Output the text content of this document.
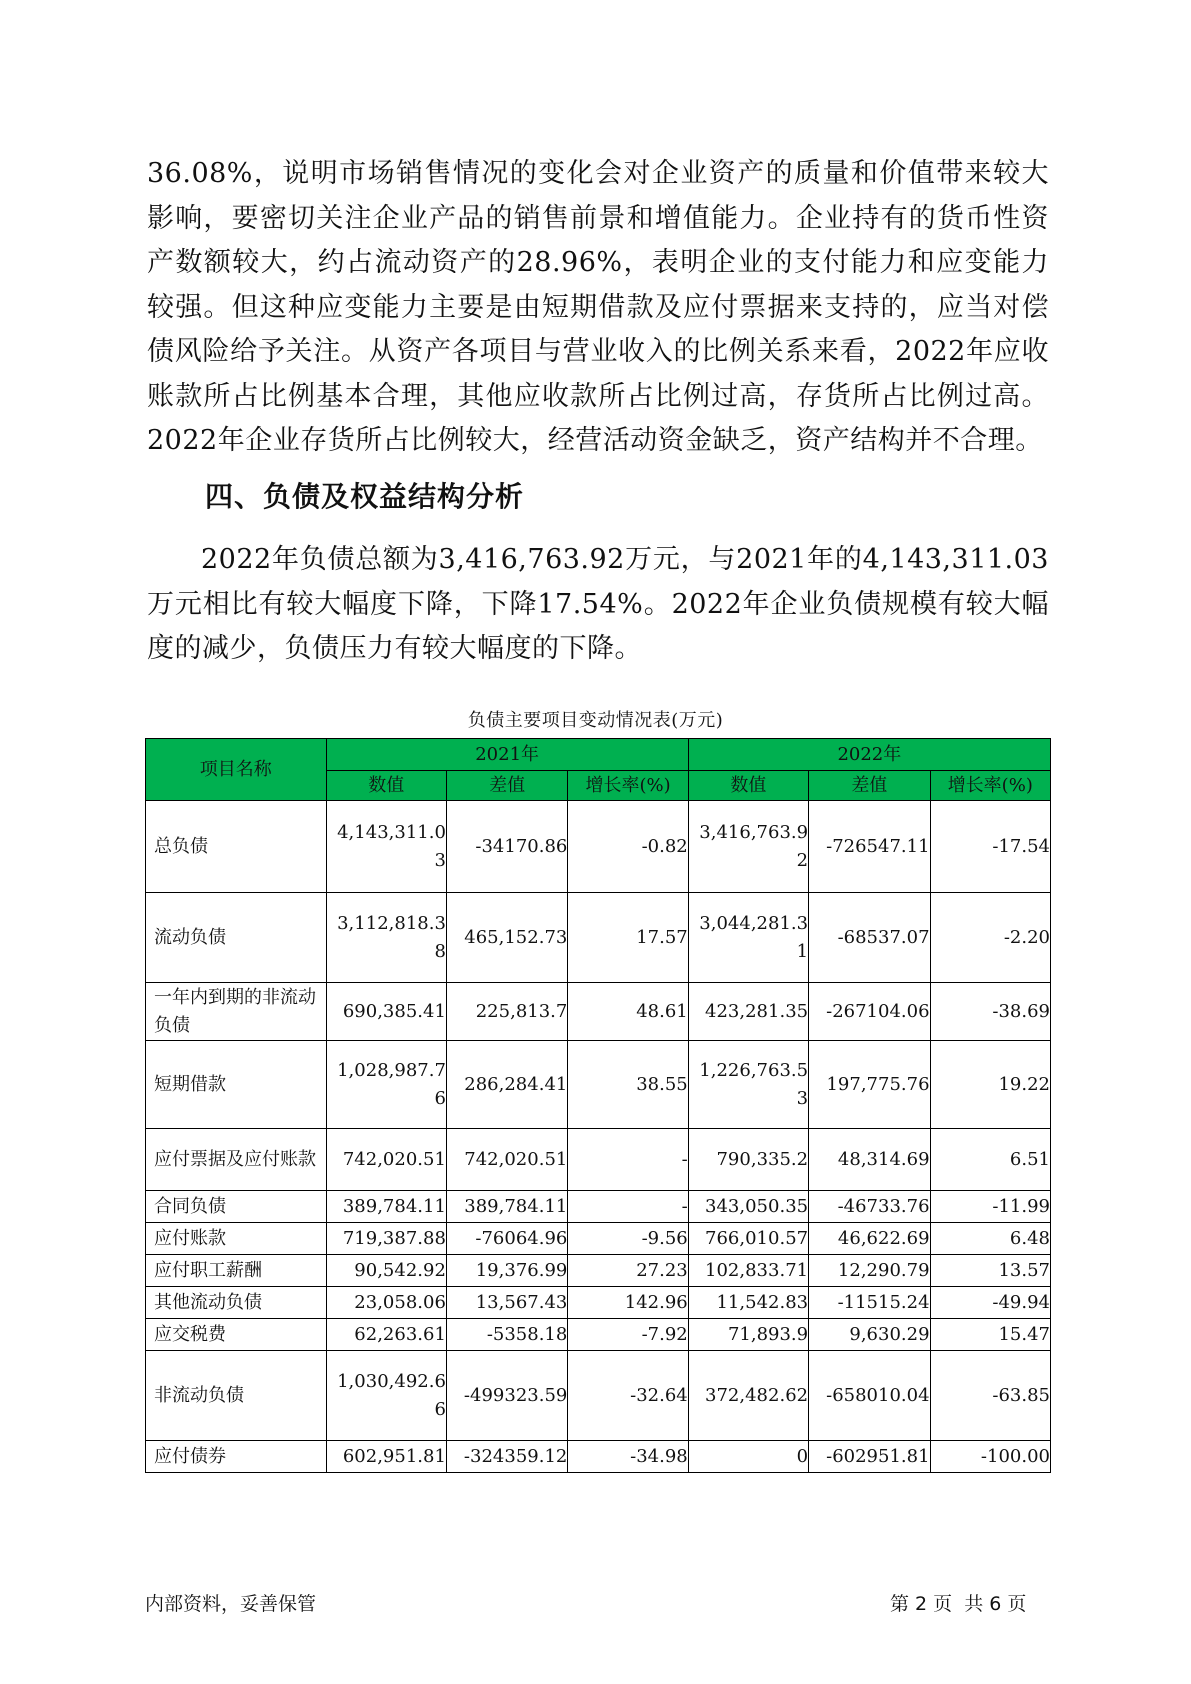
36.08%，说明市场销售情况的变化会对企业资产的质量和价值带来较大影响，要密切关注企业产品的销售前景和增值能力。企业持有的货币性资产数额较大，约占流动资产的28.96%，表明企业的支付能力和应变能力较强。但这种应变能力主要是由短期借款及应付票据来支持的，应当对偿债风险给予关注。从资产各项目与营业收入的比例关系来看，2022年应收账款所占比例基本合理，其他应收款所占比例过高，存货所占比例过高。2022年企业存货所占比例较大，经营活动资金缺乏，资产结构并不合理。

四、负债及权益结构分析

2022年负债总额为3,416,763.92万元，与2021年的4,143,311.03万元相比有较大幅度下降，下降17.54%。2022年企业负债规模有较大幅度的减少，负债压力有较大幅度的下降。

负债主要项目变动情况表(万元)
项目名称	2021年			2022年		
	数值	差值	增长率(%)	数值	差值	增长率(%)
总负债	4,143,311.03	-34170.86	-0.82	3,416,763.92	-726547.11	-17.54
流动负债	3,112,818.38	465,152.73	17.57	3,044,281.31	-68537.07	-2.20
一年内到期的非流动负债	690,385.41	225,813.7	48.61	423,281.35	-267104.06	-38.69
短期借款	1,028,987.76	286,284.41	38.55	1,226,763.53	197,775.76	19.22
应付票据及应付账款	742,020.51	742,020.51	-	790,335.2	48,314.69	6.51
合同负债	389,784.11	389,784.11	-	343,050.35	-46733.76	-11.99
应付账款	719,387.88	-76064.96	-9.56	766,010.57	46,622.69	6.48
应付职工薪酬	90,542.92	19,376.99	27.23	102,833.71	12,290.79	13.57
其他流动负债	23,058.06	13,567.43	142.96	11,542.83	-11515.24	-49.94
应交税费	62,263.61	-5358.18	-7.92	71,893.9	9,630.29	15.47
非流动负债	1,030,492.66	-499323.59	-32.64	372,482.62	-658010.04	-63.85
应付债券	602,951.81	-324359.12	-34.98	0	-602951.81	-100.00
内部资料，妥善保管	第 2 页  共 6 页
